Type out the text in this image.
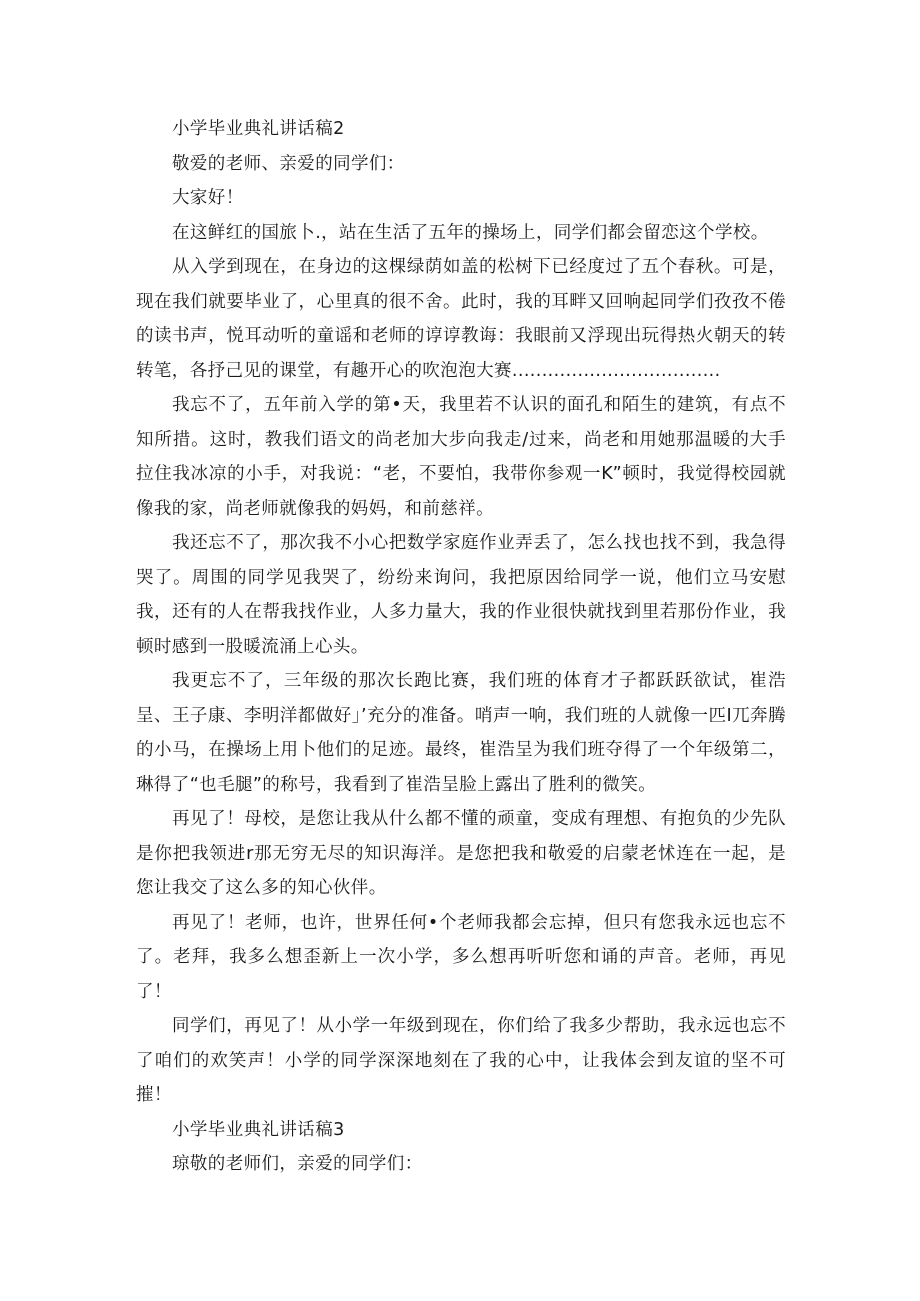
小学毕业典礼讲话稿2

敬爱的老师、亲爱的同学们：

大家好！

在这鲜红的国旅卜.，站在生活了五年的操场上，同学们都会留恋这个学校。

从入学到现在，在身边的这棵绿荫如盖的松树下已经度过了五个春秋。可是，现在我们就要毕业了，心里真的很不舍。此时，我的耳畔又回响起同学们孜孜不倦的读书声，悦耳动听的童谣和老师的谆谆教诲：我眼前又浮现出玩得热火朝天的转转笔，各抒己见的课堂，有趣开心的吹泡泡大赛...................................

我忘不了，五年前入学的第•天，我里若不认识的面孔和陌生的建筑，有点不知所措。这时，教我们语文的尚老加大步向我走/过来，尚老和用她那温暖的大手拉住我冰凉的小手，对我说：“老，不要怕，我带你参观一K”顿时，我觉得校园就像我的家，尚老师就像我的妈妈，和前慈祥。

我还忘不了，那次我不小心把数学家庭作业弄丢了，怎么找也找不到，我急得哭了。周围的同学见我哭了，纷纷来询问，我把原因给同学一说，他们立马安慰我，还有的人在帮我找作业，人多力量大，我的作业很快就找到里若那份作业，我顿时感到一股暖流涌上心头。

我更忘不了，三年级的那次长跑比赛，我们班的体育才子都跃跃欲试，崔浩呈、王子康、李明洋都做好」’充分的准备。哨声一响，我们班的人就像一匹I兀奔腾的小马，在操场上用卜他们的足迹。最终，崔浩呈为我们班夺得了一个年级第二，琳得了“也毛腿”的称号，我看到了崔浩呈脸上露出了胜利的微笑。

再见了！母校，是您让我从什么都不懂的顽童，变成有理想、有抱负的少先队是你把我领进r那无穷无尽的知识海洋。是您把我和敬爱的启蒙老怵连在一起，是您让我交了这么多的知心伙伴。

再见了！老师，也许，世界任何•个老师我都会忘掉，但只有您我永远也忘不了。老拜，我多么想歪新上一次小学，多么想再听听您和诵的声音。老师，再见了！

同学们，再见了！从小学一年级到现在，你们给了我多少帮助，我永远也忘不了咱们的欢笑声！小学的同学深深地刻在了我的心中，让我体会到友谊的坚不可摧！

小学毕业典礼讲话稿3

琼敬的老师们，亲爱的同学们：
